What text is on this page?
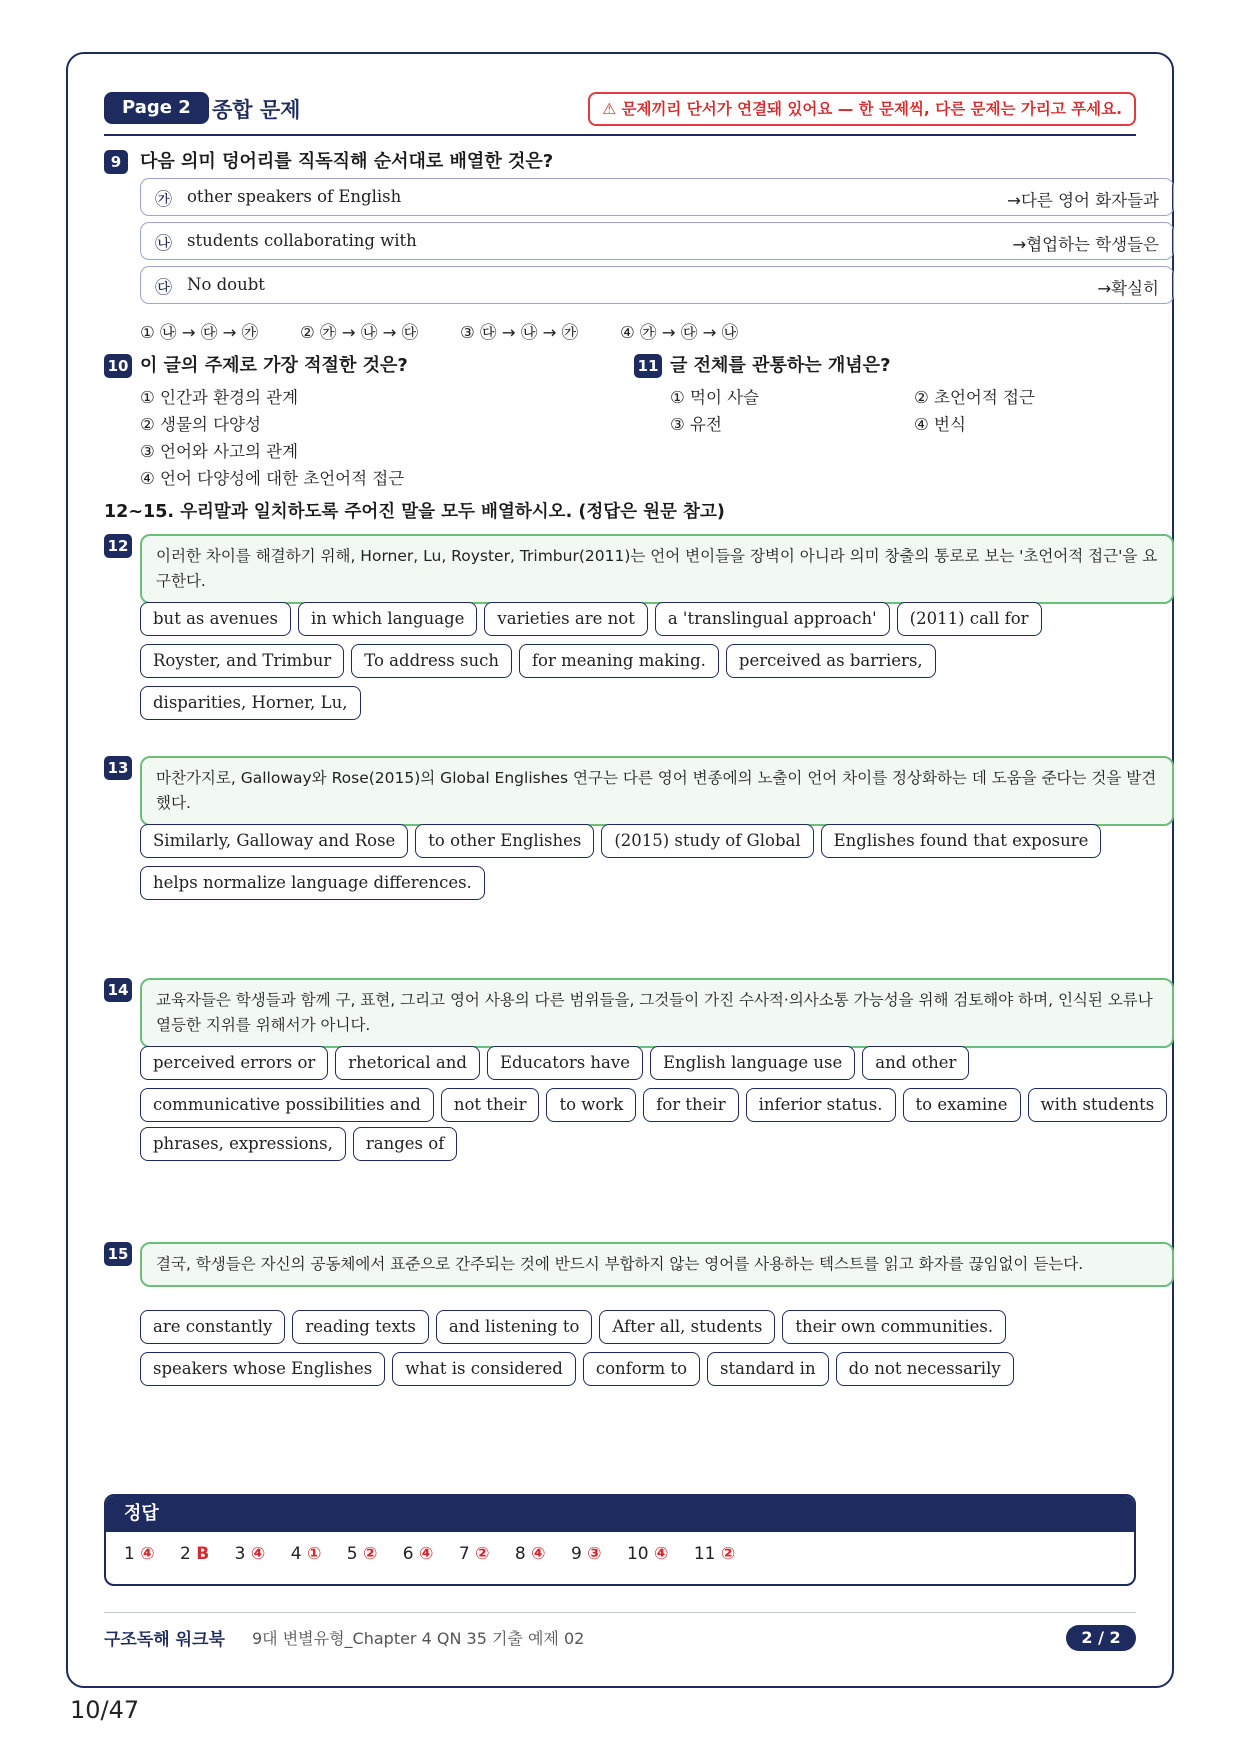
Page 2	종합 문제	⚠ 문제끼리 단서가 연결돼 있어요 — 한 문제씩, 다른 문제는 가리고 푸세요.
9	다음 의미 덩어리를 직독직해 순서대로 배열한 것은?
㉮ other speakers of English	→다른 영어 화자들과
㉯ students collaborating with	→협업하는 학생들은
㉰ No doubt	→확실히
① ㉯ → ㉰ → ㉮	② ㉮ → ㉯ → ㉰	③ ㉰ → ㉯ → ㉮	④ ㉮ → ㉰ → ㉯
10 이 글의 주제로 가장 적절한 것은?
① 인간과 환경의 관계
② 생물의 다양성
③ 언어와 사고의 관계
④ 언어 다양성에 대한 초언어적 접근
11 글 전체를 관통하는 개념은?
① 먹이 사슬	② 초언어적 접근
③ 유전	④ 번식
12~15. 우리말과 일치하도록 주어진 말을 모두 배열하시오. (정답은 원문 참고)
12
이러한 차이를 해결하기 위해, Horner, Lu, Royster, Trimbur(2011)는 언어 변이들을 장벽이 아니라 의미 창출의 통로로 보는 '초언어적 접근'을 요구한다.
but as avenues in which language varieties are not a 'translingual approach' (2011) call for
Royster, and Trimbur To address such for meaning making. perceived as barriers,disparities, Horner, Lu,
13
마찬가지로, Galloway와 Rose(2015)의 Global Englishes 연구는 다른 영어 변종에의 노출이 언어 차이를 정상화하는 데 도움을 준다는 것을 발견했다.
Similarly, Galloway and Rose to other Englishes (2015) study of Global Englishes found that exposure
helps normalize language differences.
14
교육자들은 학생들과 함께 구, 표현, 그리고 영어 사용의 다른 범위들을, 그것들이 가진 수사적·의사소통 가능성을 위해 검토해야 하며, 인식된 오류나 열등한 지위를 위해서가 아니다.
perceived errors or rhetorical and Educators have English language use and other
communicative possibilities and not their to work for their inferior status. to examine with students
phrases, expressions, ranges of
15
결국, 학생들은 자신의 공동체에서 표준으로 간주되는 것에 반드시 부합하지 않는 영어를 사용하는 텍스트를 읽고 화자를 끊임없이 듣는다.
are constantly reading texts and listening to After all, students their own communities.
speakers whose Englishes what is considered conform to standard in do not necessarily
정답
1 ④ 2 B 3 ④ 4 ① 5 ② 6 ④ 7 ② 8 ④ 9 ③ 10 ④ 11 ②
구조독해 워크북 9대 변별유형_Chapter 4 QN 35 기출 예제 02	2 / 2
10/47
